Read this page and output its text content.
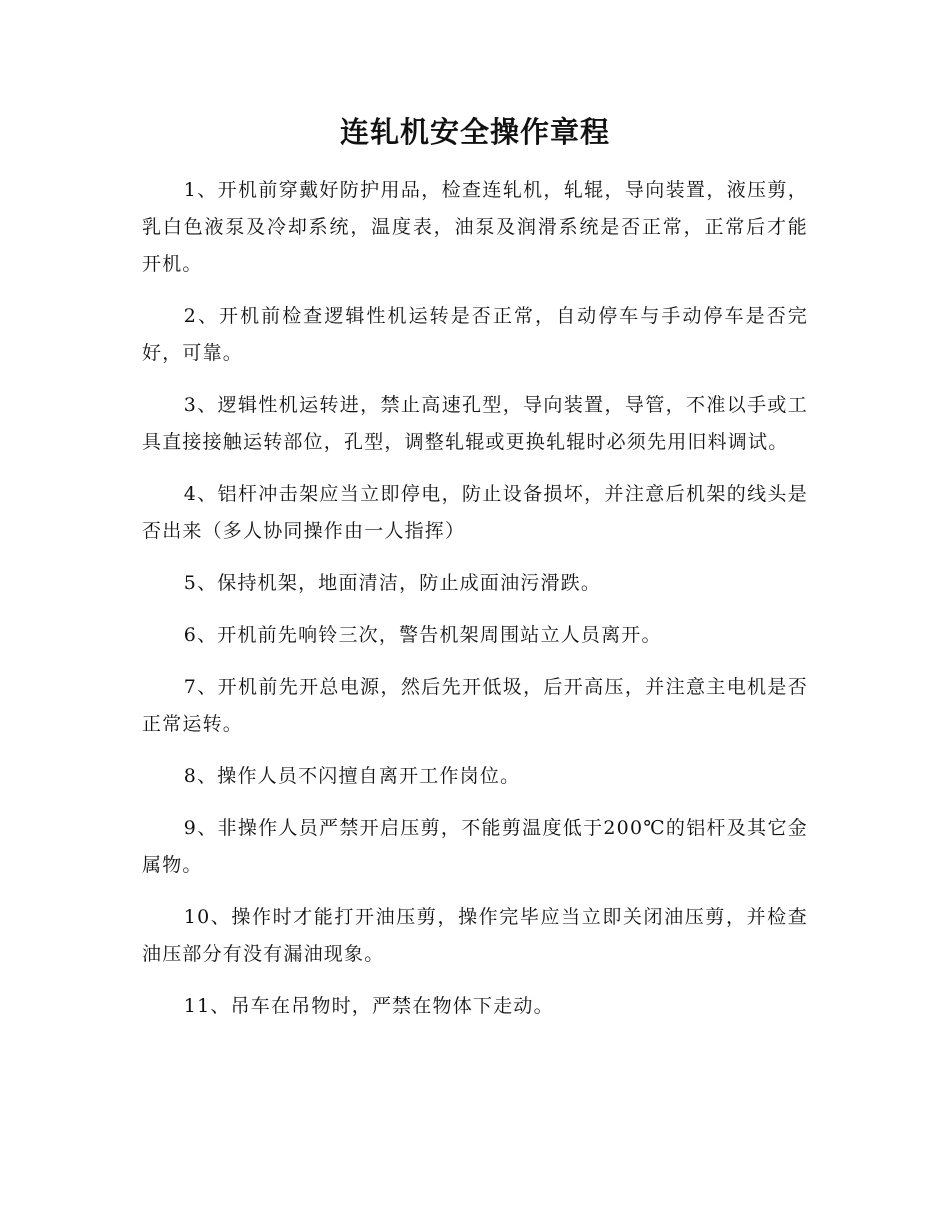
连轧机安全操作章程

1、开机前穿戴好防护用品，检查连轧机，轧辊，导向装置，液压剪，乳白色液泵及冷却系统，温度表，油泵及润滑系统是否正常，正常后才能开机。

2、开机前检查逻辑性机运转是否正常，自动停车与手动停车是否完好，可靠。

3、逻辑性机运转进，禁止高速孔型，导向装置，导管，不准以手或工具直接接触运转部位，孔型，调整轧辊或更换轧辊时必须先用旧料调试。

4、铝杆冲击架应当立即停电，防止设备损坏，并注意后机架的线头是否出来（多人协同操作由一人指挥）

5、保持机架，地面清洁，防止成面油污滑跌。

6、开机前先响铃三次，警告机架周围站立人员离开。

7、开机前先开总电源，然后先开低圾，后开高压，并注意主电机是否正常运转。

8、操作人员不闪擅自离开工作岗位。

9、非操作人员严禁开启压剪，不能剪温度低于200℃的铝杆及其它金属物。

10、操作时才能打开油压剪，操作完毕应当立即关闭油压剪，并检查油压部分有没有漏油现象。

11、吊车在吊物时，严禁在物体下走动。
